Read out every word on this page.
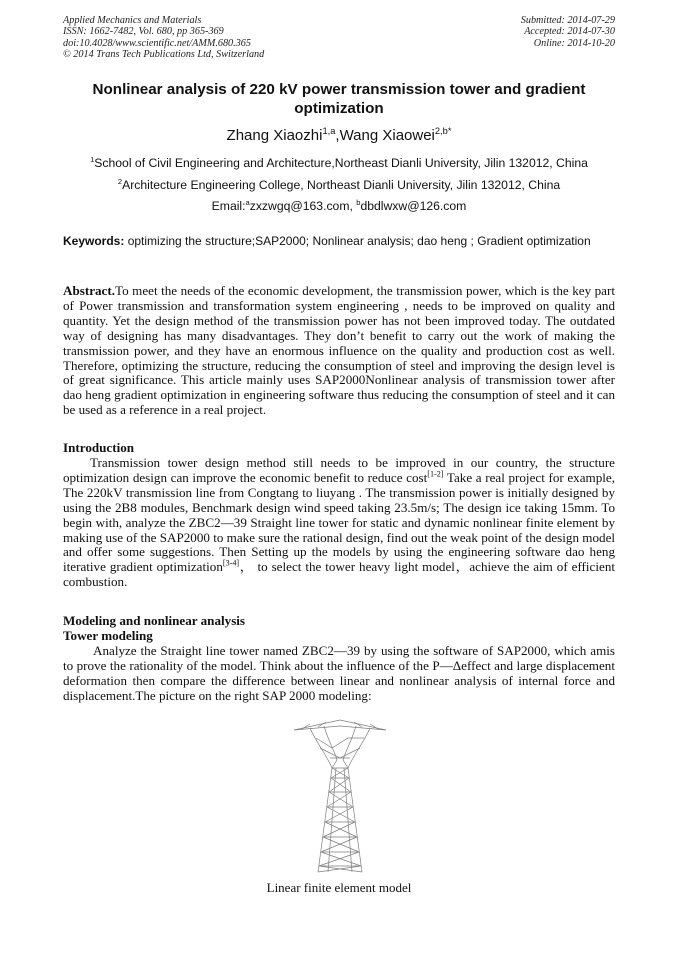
Applied Mechanics and Materials
ISSN: 1662-7482, Vol. 680, pp 365-369
doi:10.4028/www.scientific.net/AMM.680.365
© 2014 Trans Tech Publications Ltd, Switzerland
Submitted: 2014-07-29
Accepted: 2014-07-30
Online: 2014-10-20
Nonlinear analysis of 220 kV power transmission tower and gradient optimization
Zhang Xiaozhi$^{1,a}$,Wang Xiaowei$^{2,b*}$
$^1$School of Civil Engineering and Architecture,Northeast Dianli University, Jilin 132012, China
$^2$Architecture Engineering College, Northeast Dianli University, Jilin 132012, China
Email:$^a$zxzwgq@163.com, $^b$dbdlwxw@126.com
Keywords: optimizing the structure;SAP2000; Nonlinear analysis; dao heng ; Gradient optimization
Abstract.To meet the needs of the economic development, the transmission power, which is the key part of Power transmission and transformation system engineering , needs to be improved on quality and quantity. Yet the design method of the transmission power has not been improved today. The outdated way of designing has many disadvantages. They don’t benefit to carry out the work of making the transmission power, and they have an enormous influence on the quality and production cost as well. Therefore, optimizing the structure, reducing the consumption of steel and improving the design level is of great significance. This article mainly uses SAP2000Nonlinear analysis of transmission tower after dao heng gradient optimization in engineering software thus reducing the consumption of steel and it can be used as a reference in a real project.
Introduction
Transmission tower design method still needs to be improved in our country, the structure optimization design can improve the economic benefit to reduce cost[1-2] Take a real project for example, The 220kV transmission line from Congtang to liuyang . The transmission power is initially designed by using the 2B8 modules, Benchmark design wind speed taking 23.5m/s; The design ice taking 15mm. To begin with, analyze the ZBC2—39 Straight line tower for static and dynamic nonlinear finite element by making use of the SAP2000 to make sure the rational design, find out the weak point of the design model and offer some suggestions. Then Setting up the models by using the engineering software dao heng iterative gradient optimization[3-4]， to select the tower heavy light model，achieve the aim of efficient combustion.
Modeling and nonlinear analysis
Tower modeling
Analyze the Straight line tower named ZBC2—39 by using the software of SAP2000, which amis to prove the rationality of the model. Think about the influence of the P—Δeffect and large displacement deformation then compare the difference between linear and nonlinear analysis of internal force and displacement.The picture on the right SAP 2000 modeling:
Linear finite element model
